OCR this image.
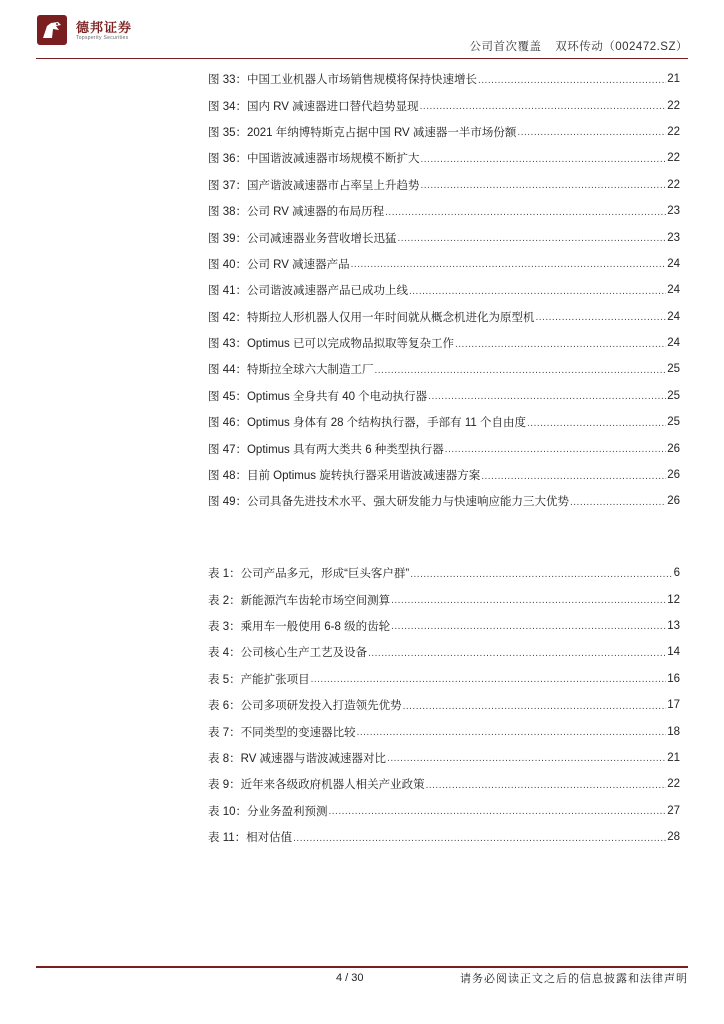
德邦证券
Topsperity Securities
公司首次覆盖 双环传动（002472.SZ）
图 33：中国工业机器人市场销售规模将保持快速增长 .....	21
图 34：国内 RV 减速器进口替代趋势显现 .....	22
图 35：2021 年纳博特斯克占据中国 RV 减速器一半市场份额 .....	22
图 36：中国谐波减速器市场规模不断扩大 .....	22
图 37：国产谐波减速器市占率呈上升趋势 .....	22
图 38：公司 RV 减速器的布局历程 .....	23
图 39：公司减速器业务营收增长迅猛 .....	23
图 40：公司 RV 减速器产品 .....	24
图 41：公司谐波减速器产品已成功上线 .....	24
图 42：特斯拉人形机器人仅用一年时间就从概念机进化为原型机 .....	24
图 43：Optimus 已可以完成物品拟取等复杂工作 .....	24
图 44：特斯拉全球六大制造工厂 .....	25
图 45：Optimus 全身共有 40 个电动执行器 .....	25
图 46：Optimus 身体有 28 个结构执行器，手部有 11 个自由度 .....	25
图 47：Optimus 具有两大类共 6 种类型执行器 .....	26
图 48：目前 Optimus 旋转执行器采用谐波减速器方案 .....	26
图 49：公司具备先进技术水平、强大研发能力与快速响应能力三大优势 .....	26
表 1：公司产品多元，形成“巨头客户群” .....	6
表 2：新能源汽车齿轮市场空间测算 .....	12
表 3：乘用车一般使用 6-8 级的齿轮 .....	13
表 4：公司核心生产工艺及设备 .....	14
表 5：产能扩张项目 .....	16
表 6：公司多项研发投入打造领先优势 .....	17
表 7：不同类型的变速器比较 .....	18
表 8：RV 减速器与谐波减速器对比 .....	21
表 9：近年来各级政府机器人相关产业政策 .....	22
表 10：分业务盈利预测 .....	27
表 11：相对估值 .....	28
4 / 30	请务必阅读正文之后的信息披露和法律声明
